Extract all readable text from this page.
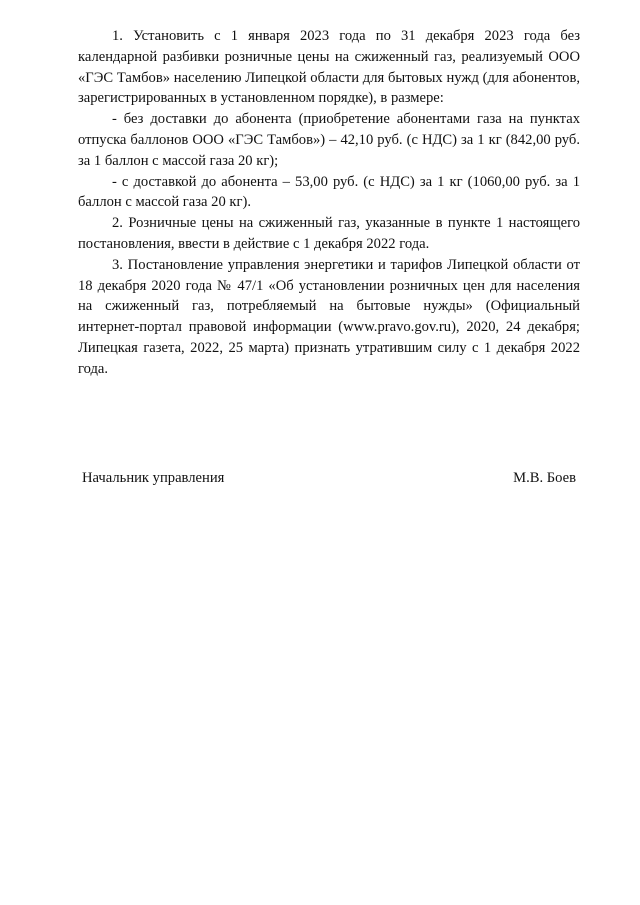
1. Установить с 1 января 2023 года по 31 декабря 2023 года без календарной разбивки розничные цены на сжиженный газ, реализуемый ООО «ГЭС Тамбов» населению Липецкой области для бытовых нужд (для абонентов, зарегистрированных в установленном порядке), в размере:

- без доставки до абонента (приобретение абонентами газа на пунктах отпуска баллонов ООО «ГЭС Тамбов») – 42,10 руб. (с НДС) за 1 кг (842,00 руб. за 1 баллон с массой газа 20 кг);

- с доставкой до абонента – 53,00 руб. (с НДС) за 1 кг (1060,00 руб. за 1 баллон с массой газа 20 кг).

2. Розничные цены на сжиженный газ, указанные в пункте 1 настоящего постановления, ввести в действие с 1 декабря 2022 года.

3. Постановление управления энергетики и тарифов Липецкой области от 18 декабря 2020 года № 47/1 «Об установлении розничных цен для населения на сжиженный газ, потребляемый на бытовые нужды» (Официальный интернет-портал правовой информации (www.pravo.gov.ru), 2020, 24 декабря; Липецкая газета, 2022, 25 марта) признать утратившим силу с 1 декабря 2022 года.

Начальник управления	М.В. Боев
